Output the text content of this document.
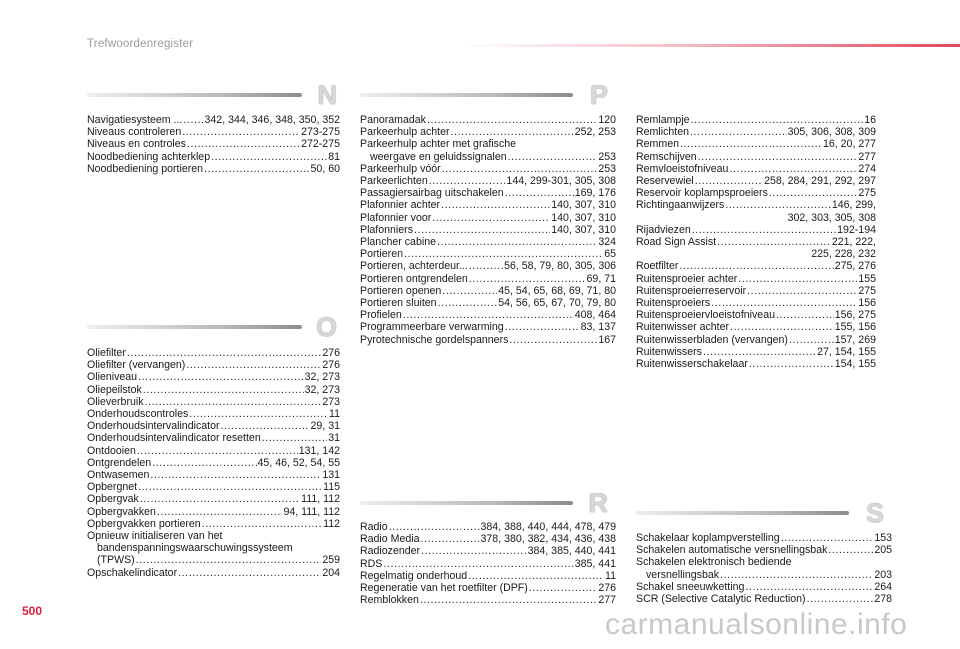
Trefwoordenregister
N
Navigatiesysteem ... ..... 342, 344, 346, 348, 350, 352
Niveaus controleren .....	273-275
Niveaus en controles .....	272-275
Noodbediening achterklep .....	81
Noodbediening portieren .....	50, 60
O
Oliefilter .....	276
Oliefilter (vervangen) .....	276
Olieniveau .....	32, 273
Oliepeilstok .....	32, 273
Olieverbruik .....	273
Onderhoudscontroles .....	11
Onderhoudsintervalindicator .....	29, 31
Onderhoudsintervalindicator resetten .....	31
Ontdooien .....	131, 142
Ontgrendelen .....	45, 46, 52, 54, 55
Ontwasemen .....	131
Opbergnet .....	115
Opbergvak .....	111, 112
Opbergvakken .....	94, 111, 112
Opbergvakken portieren .....	112
Opnieuw initialiseren van het
bandenspanningswaarschuwingssysteem
(TPWS) .....	259
Opschakelindicator .....	204
P
Panoramadak .....	120
Parkeerhulp achter .....	252, 253
Parkeerhulp achter met grafische
weergave en geluidssignalen .....	253
Parkeerhulp vóór .....	253
Parkeerlichten .....	144, 299-301, 305, 308
Passagiersairbag uitschakelen .....	169, 176
Plafonnier achter .....	140, 307, 310
Plafonnier voor .....	140, 307, 310
Plafonniers .....	140, 307, 310
Plancher cabine .....	324
Portieren .....	65
Portieren, achterdeur... .....	56, 58, 79, 80, 305, 306
Portieren ontgrendelen .....	69, 71
Portieren openen .....	45, 54, 65, 68, 69, 71, 80
Portieren sluiten .....	54, 56, 65, 67, 70, 79, 80
Profielen .....	408, 464
Programmeerbare verwarming .....	83, 137
Pyrotechnische gordelspanners .....	167
R
Radio .....	384, 388, 440, 444, 478, 479
Radio Media .....	378, 380, 382, 434, 436, 438
Radiozender .....	384, 385, 440, 441
RDS .....	385, 441
Regelmatig onderhoud .....	11
Regeneratie van het roetfilter (DPF) .....	276
Remblokken .....	277
Remlampje .....	16
Remlichten .....	305, 306, 308, 309
Remmen .....	16, 20, 277
Remschijven .....	277
Remvloeistofniveau .....	274
Reservewiel .....	258, 284, 291, 292, 297
Reservoir koplampsproeiers .....	275
Richtingaanwijzers .....	146, 299,
302, 303, 305, 308
Rijadviezen .....	192-194
Road Sign Assist .....	221, 222,
225, 228, 232
Roetfilter .....	275, 276
Ruitensproeier achter .....	155
Ruitensproeierreservoir .....	275
Ruitensproeiers .....	156
Ruitensproeiervloeistofniveau .....	156, 275
Ruitenwisser achter .....	155, 156
Ruitenwisserbladen (vervangen) .....	157, 269
Ruitenwissers .....	27, 154, 155
Ruitenwisserschakelaar .....	154, 155
S
Schakelaar koplampverstelling .....	153
Schakelen automatische versnellingsbak .....	205
Schakelen elektronisch bediende
versnellingsbak .....	203
Schakel sneeuwketting .....	264
SCR (Selective Catalytic Reduction) .....	278
500	carmanualsonline.info
